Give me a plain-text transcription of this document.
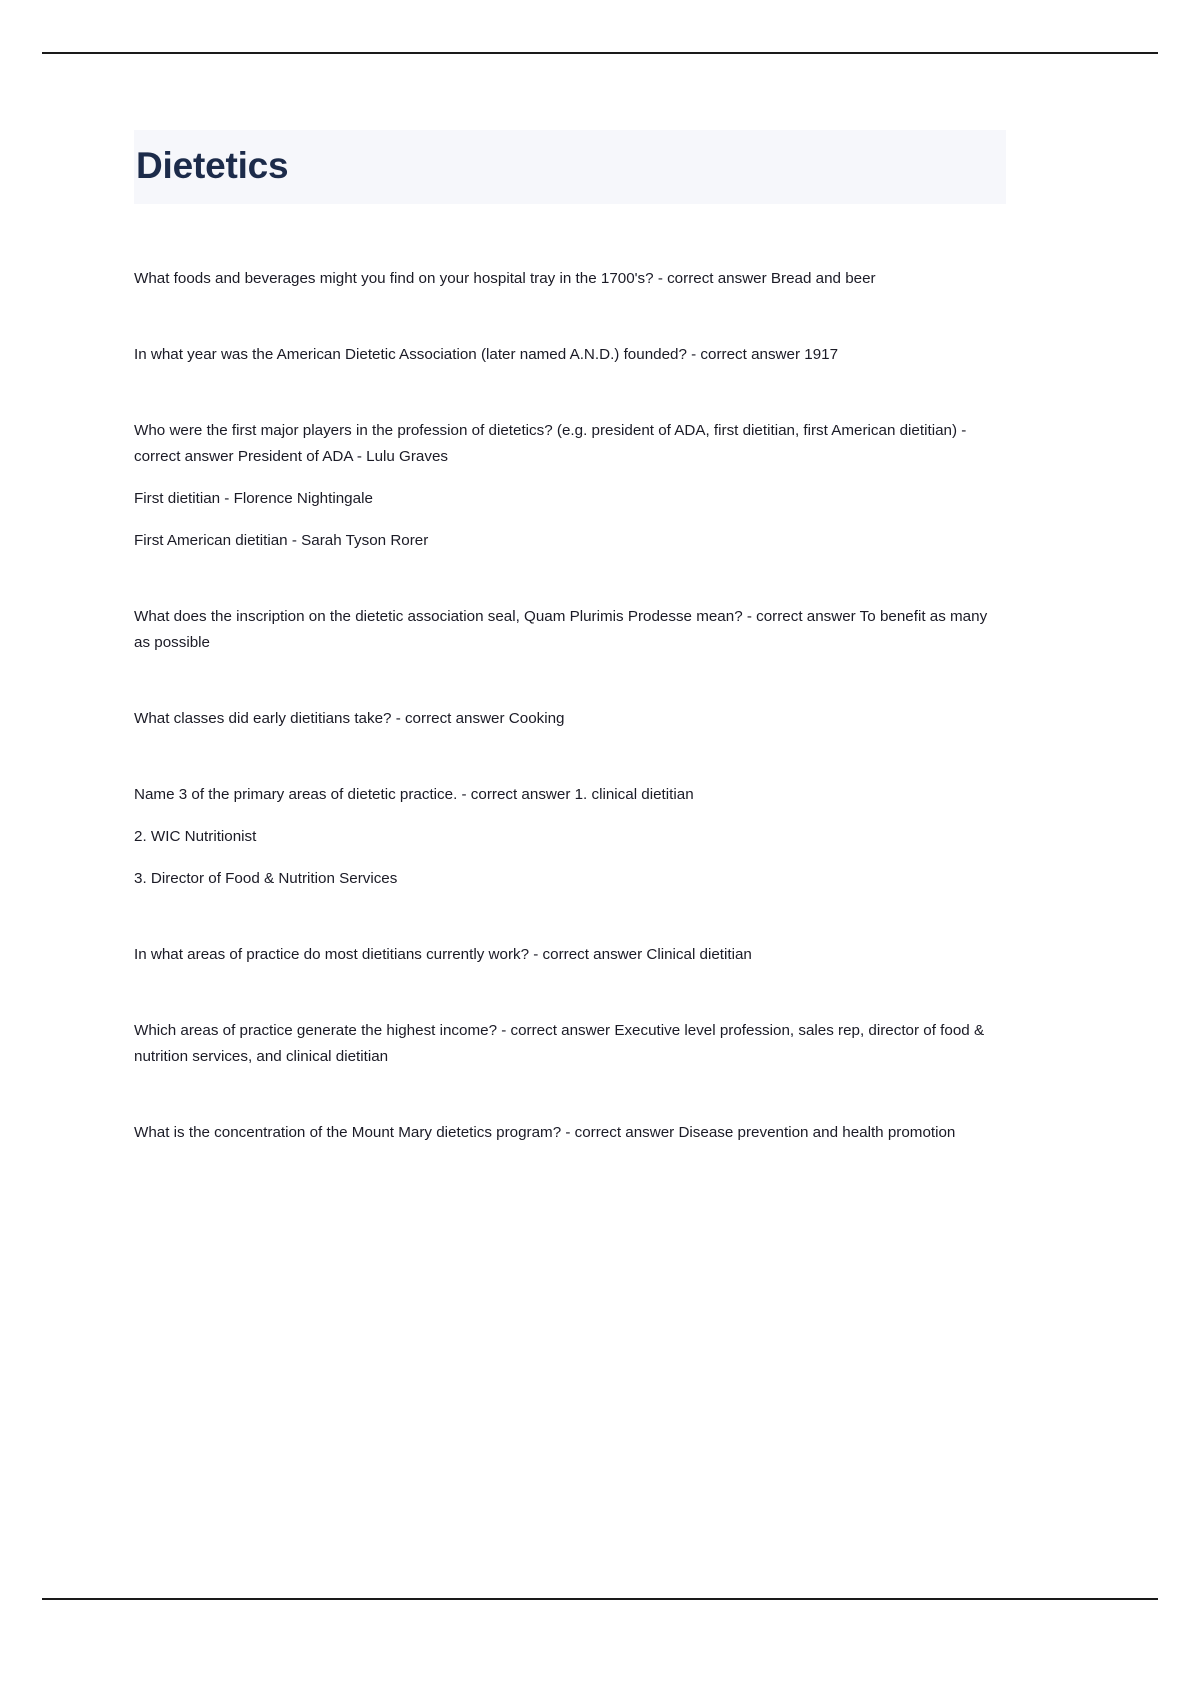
Dietetics

What foods and beverages might you find on your hospital tray in the 1700's? - correct answer Bread and beer

In what year was the American Dietetic Association (later named A.N.D.) founded? - correct answer 1917

Who were the first major players in the profession of dietetics? (e.g. president of ADA, first dietitian, first American dietitian) - correct answer President of ADA - Lulu Graves

First dietitian - Florence Nightingale

First American dietitian - Sarah Tyson Rorer

What does the inscription on the dietetic association seal, Quam Plurimis Prodesse mean? - correct answer To benefit as many as possible

What classes did early dietitians take? - correct answer Cooking

Name 3 of the primary areas of dietetic practice. - correct answer 1. clinical dietitian

2. WIC Nutritionist

3. Director of Food & Nutrition Services

In what areas of practice do most dietitians currently work? - correct answer Clinical dietitian

Which areas of practice generate the highest income? - correct answer Executive level profession, sales rep, director of food & nutrition services, and clinical dietitian

What is the concentration of the Mount Mary dietetics program? - correct answer Disease prevention and health promotion
